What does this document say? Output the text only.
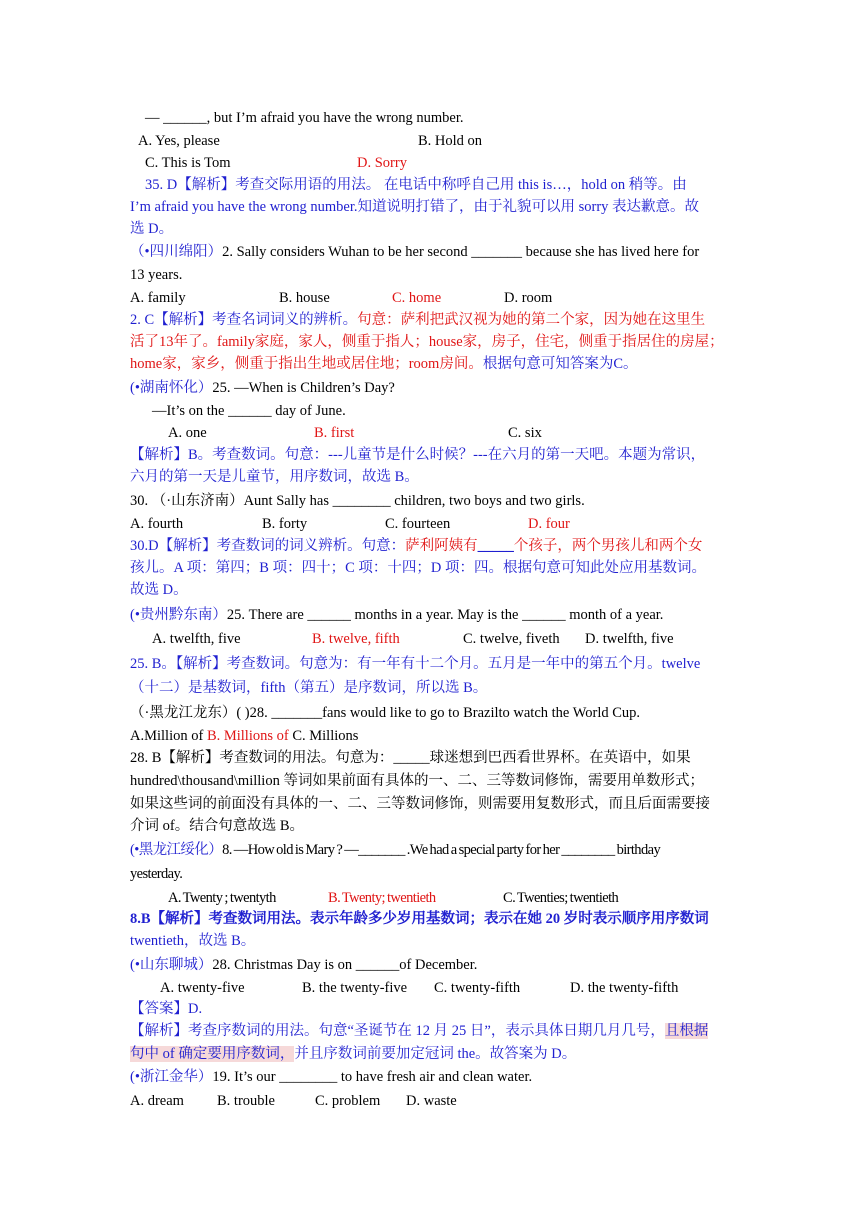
— ______, but I’m afraid you have the wrong number.
A. Yes, please	B. Hold on
C. This is Tom	D. Sorry
35. D【解析】考查交际用语的用法。 在电话中称呼自己用 this is…，hold on 稍等。由
I’m afraid you have the wrong number.知道说明打错了，由于礼貌可以用 sorry 表达歉意。故
选 D。
（•四川绵阳）2. Sally considers Wuhan to be her second _______ because she has lived here for
13 years.
A. family	B. house	C. home	D. room
2. C【解析】考查名词词义的辨析。句意：萨利把武汉视为她的第二个家，因为她在这里生
活了13年了。family家庭，家人，侧重于指人；house家，房子，住宅，侧重于指居住的房屋；
home家，家乡，侧重于指出生地或居住地；room房间。根据句意可知答案为C。
(•湖南怀化）25. —When is Children’s Day?
—It’s on the ______ day of June.
A. one	B. first	C. six
【解析】B。考查数词。句意：---儿童节是什么时候？---在六月的第一天吧。本题为常识，
六月的第一天是儿童节，用序数词，故选 B。
30. （·山东济南）Aunt Sally has ________ children, two boys and two girls.
A. fourth	B. forty	C. fourteen	D. four
30.D【解析】考查数词的词义辨析。句意：萨利阿姨有_____个孩子，两个男孩儿和两个女
孩儿。A 项：第四；B 项：四十；C 项：十四；D 项：四。根据句意可知此处应用基数词。
故选 D。
(•贵州黔东南）25. There are ______ months in a year. May is the ______ month of a year.
A. twelfth, five	B. twelve, fifth	C. twelve, fiveth D. twelfth, five
25. B。【解析】考查数词。句意为：有一年有十二个月。五月是一年中的第五个月。twelve
（十二）是基数词，fifth（第五）是序数词，所以选 B。
（·黑龙江龙东）( )28. _______fans would like to go to Brazilto watch the World Cup.
A.Million of B. Millions of C. Millions
28. B【解析】考查数词的用法。句意为：_____球迷想到巴西看世界杯。在英语中，如果
hundred\thousand\million 等词如果前面有具体的一、二、三等数词修饰，需要用单数形式；
如果这些词的前面没有具体的一、二、三等数词修饰，则需要用复数形式，而且后面需要接
介词 of。结合句意故选 B。
(•黑龙江绥化）8. —How old is Mary ? —_______ .We had a special party for her ________ birthday
yesterday.
A. Twenty ; twentyth	B. Twenty; twentieth	C. Twenties; twentieth
8.B【解析】考查数词用法。表示年龄多少岁用基数词；表示在她 20 岁时表示顺序用序数词
twentieth，故选 B。
(•山东聊城）28. Christmas Day is on ______of December.
A. twenty-five	B. the twenty-five C. twenty-fifth	D. the twenty-fifth
【答案】D.
【解析】考查序数词的用法。句意“圣诞节在 12 月 25 日”，表示具体日期几月几号，且根据
句中 of 确定要用序数词，并且序数词前要加定冠词 the。故答案为 D。
(•浙江金华）19. It’s our ________ to have fresh air and clean water.
A. dream B. trouble	C. problem D. waste
